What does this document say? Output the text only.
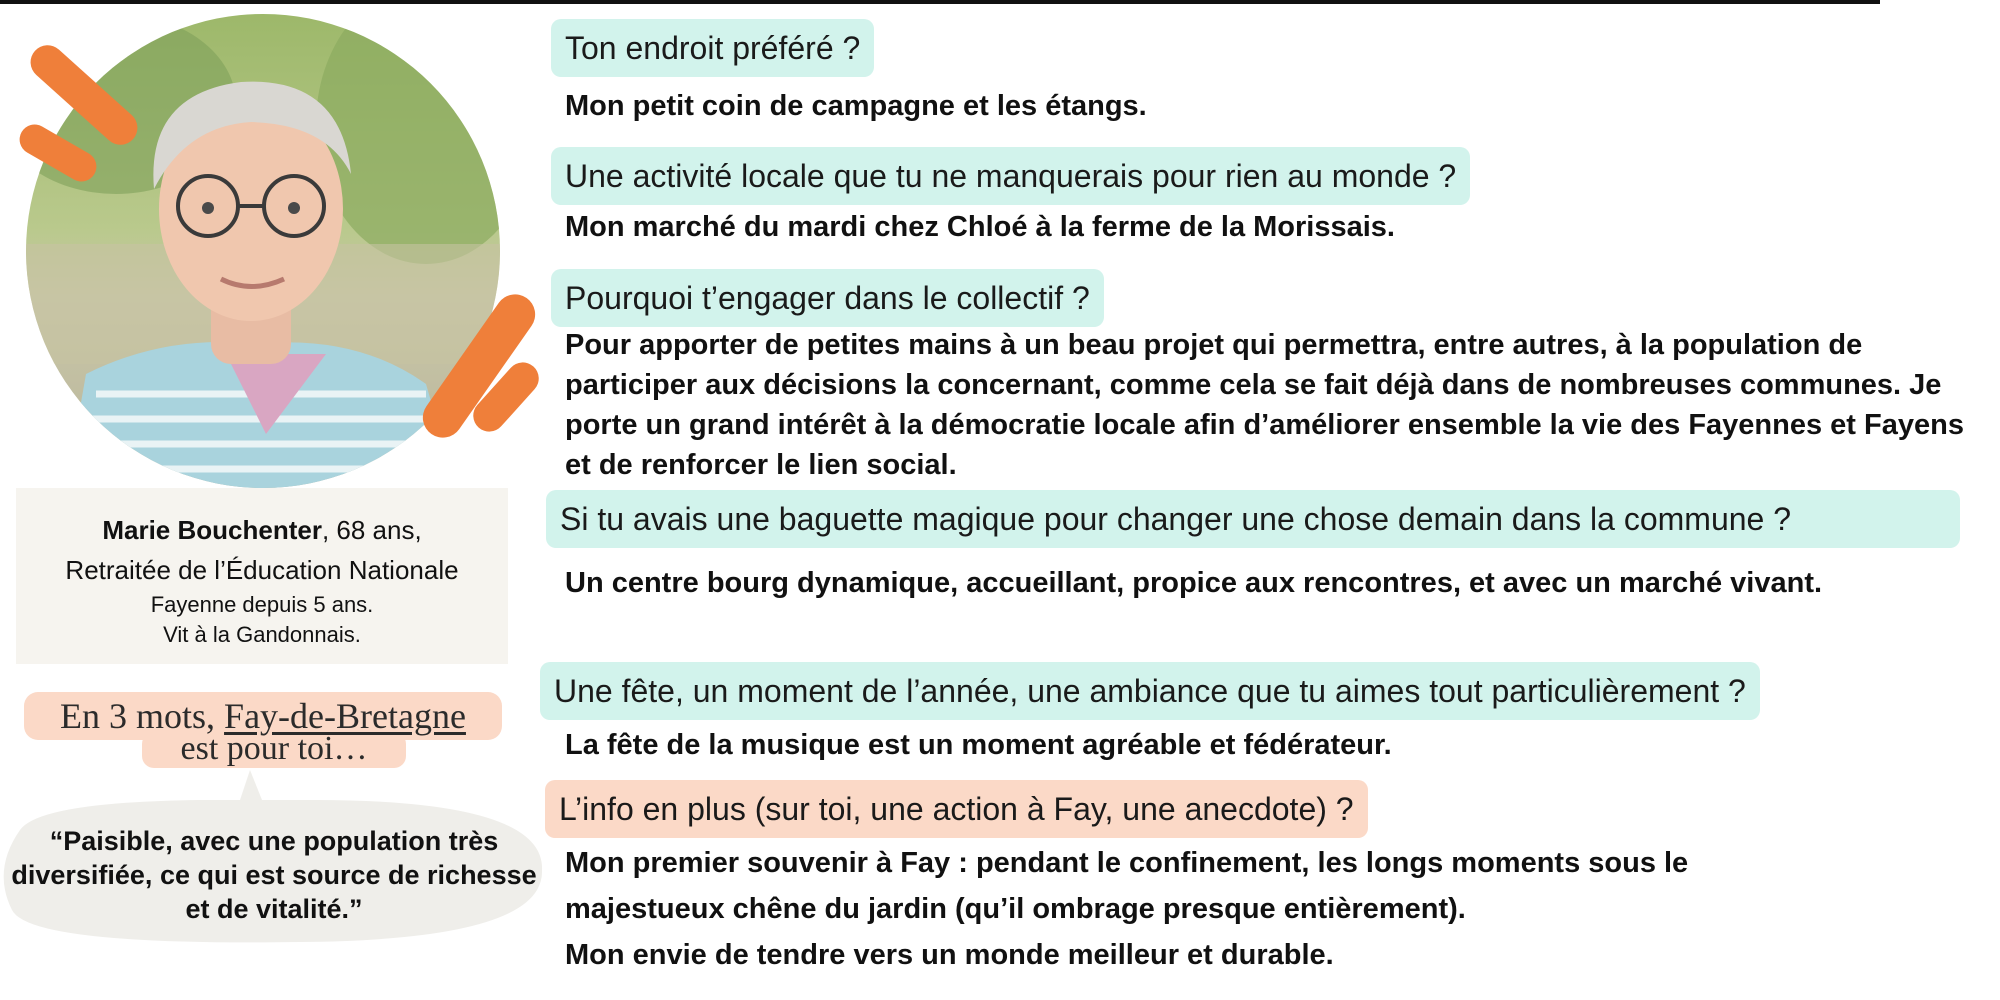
Marie Bouchenter, 68 ans,
Retraitée de l’Éducation Nationale
Fayenne depuis 5 ans.
Vit à la Gandonnais.
En 3 mots, Fay-de-Bretagne
est pour toi…
“Paisible, avec une population très diversifiée, ce qui est source de richesse et de vitalité.”
Ton endroit préféré ?
Mon petit coin de campagne et les étangs.
Une activité locale que tu ne manquerais pour rien au monde ?
Mon marché du mardi chez Chloé à la ferme de la Morissais.
Pourquoi t’engager dans le collectif ?
Pour apporter de petites mains à un beau projet qui permettra, entre autres, à la population de participer aux décisions la concernant, comme cela se fait déjà dans de nombreuses communes. Je porte un grand intérêt à la démocratie locale afin d’améliorer ensemble la vie des Fayennes et Fayens et de renforcer le lien social.
Si tu avais une baguette magique pour changer une chose demain dans la commune ?
Un centre bourg dynamique, accueillant, propice aux rencontres, et avec un marché vivant.
Une fête, un moment de l’année, une ambiance que tu aimes tout particulièrement ?
La fête de la musique est un moment agréable et fédérateur.
L’info en plus (sur toi, une action à Fay, une anecdote) ?
Mon premier souvenir à Fay : pendant le confinement, les longs moments sous le
majestueux chêne du jardin (qu’il ombrage presque entièrement).
Mon envie de tendre vers un monde meilleur et durable.
